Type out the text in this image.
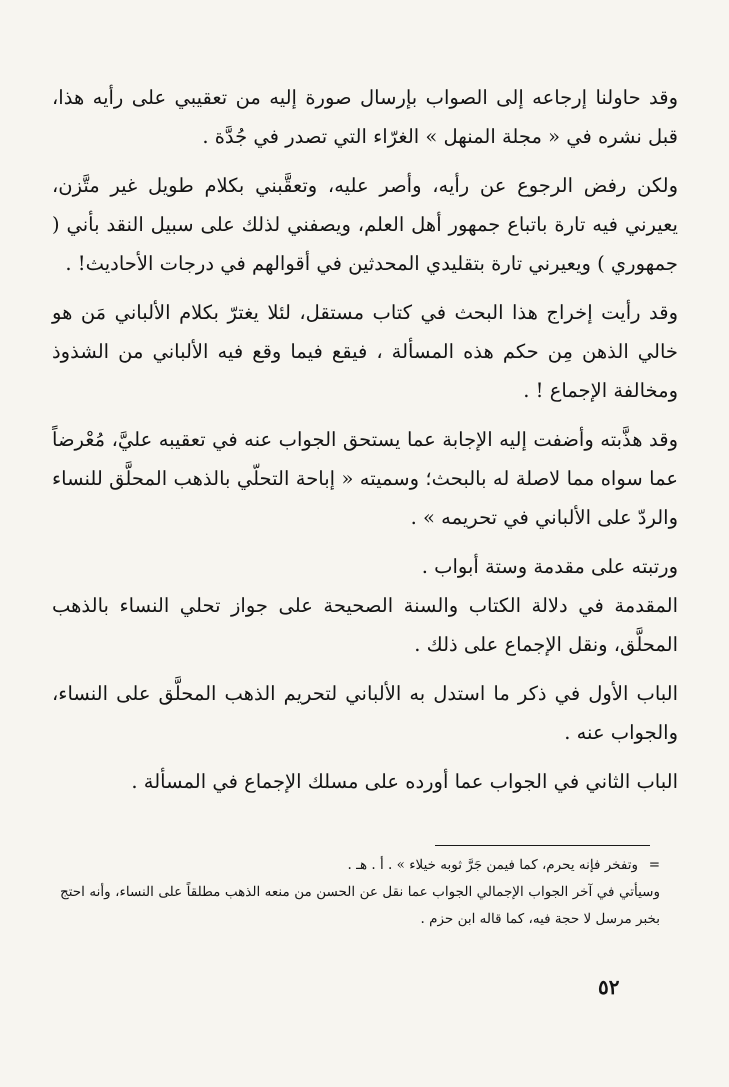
وقد حاولنا إرجاعه إلى الصواب بإرسال صورة إليه من تعقيبي على رأيه هذا، قبل نشره في « مجلة المنهل » الغرّاء التي تصدر في جُدَّة .

ولكن رفض الرجوع عن رأيه، وأصر عليه، وتعقَّبني بكلام طويل غير متَّزن، يعيرني فيه تارة باتباع جمهور أهل العلم، ويصفني لذلك على سبيل النقد بأني ( جمهوري ) ويعيرني تارة بتقليدي المحدثين في أقوالهم في درجات الأحاديث! .

وقد رأيت إخراج هذا البحث في كتاب مستقل، لئلا يغترّ بكلام الألباني مَن هو خالي الذهن مِن حكم هذه المسألة ، فيقع فيما وقع فيه الألباني من الشذوذ ومخالفة الإجماع ! .

وقد هذَّبته وأضفت إليه الإجابة عما يستحق الجواب عنه في تعقيبه عليَّ، مُعْرضاً عما سواه مما لاصلة له بالبحث؛ وسميته « إباحة التحلّي بالذهب المحلَّق للنساء والردّ على الألباني في تحريمه » .

ورتبته على مقدمة وستة أبواب .

المقدمة في دلالة الكتاب والسنة الصحيحة على جواز تحلي النساء بالذهب المحلَّق، ونقل الإجماع على ذلك .

الباب الأول في ذكر ما استدل به الألباني لتحريم الذهب المحلَّق على النساء، والجواب عنه .

الباب الثاني في الجواب عما أورده على مسلك الإجماع في المسألة .

=
وتفخر فإنه يحرم، كما فيمن جَرَّ ثوبه خيلاء » . أ . هـ .

وسيأتي في آخر الجواب الإجمالي الجواب عما نقل عن الحسن من منعه الذهب مطلقاً على النساء، وأنه احتج بخبر مرسل لا حجة فيه، كما قاله ابن حزم .

٥٢
